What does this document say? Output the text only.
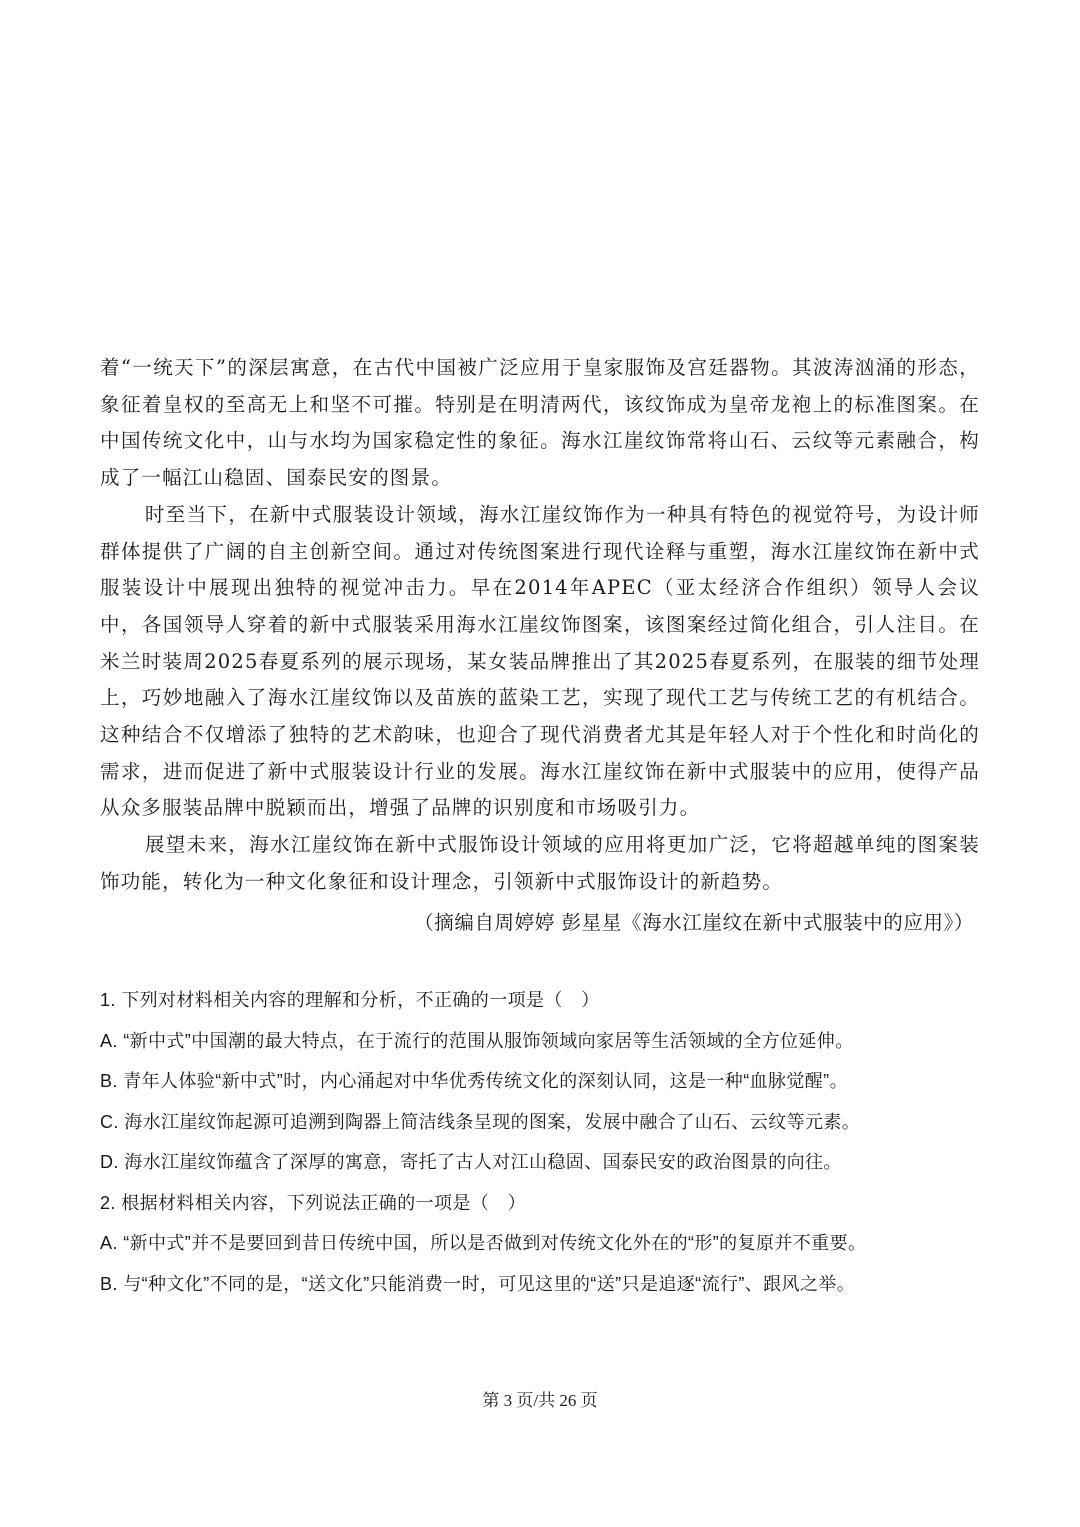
着“一统天下”的深层寓意，在古代中国被广泛应用于皇家服饰及宫廷器物。其波涛汹涌的形态，象征着皇权的至高无上和坚不可摧。特别是在明清两代，该纹饰成为皇帝龙袍上的标准图案。在中国传统文化中，山与水均为国家稳定性的象征。海水江崖纹饰常将山石、云纹等元素融合，构成了一幅江山稳固、国泰民安的图景。

时至当下，在新中式服装设计领域，海水江崖纹饰作为一种具有特色的视觉符号，为设计师群体提供了广阔的自主创新空间。通过对传统图案进行现代诠释与重塑，海水江崖纹饰在新中式服装设计中展现出独特的视觉冲击力。早在2014年APEC（亚太经济合作组织）领导人会议中，各国领导人穿着的新中式服装采用海水江崖纹饰图案，该图案经过简化组合，引人注目。在米兰时装周2025春夏系列的展示现场，某女装品牌推出了其2025春夏系列，在服装的细节处理上，巧妙地融入了海水江崖纹饰以及苗族的蓝染工艺，实现了现代工艺与传统工艺的有机结合。这种结合不仅增添了独特的艺术韵味，也迎合了现代消费者尤其是年轻人对于个性化和时尚化的需求，进而促进了新中式服装设计行业的发展。海水江崖纹饰在新中式服装中的应用，使得产品从众多服装品牌中脱颖而出，增强了品牌的识别度和市场吸引力。

展望未来，海水江崖纹饰在新中式服饰设计领域的应用将更加广泛，它将超越单纯的图案装饰功能，转化为一种文化象征和设计理念，引领新中式服饰设计的新趋势。

（摘编自周婷婷 彭星星《海水江崖纹在新中式服装中的应用》）

1. 下列对材料相关内容的理解和分析，不正确的一项是（　）

A. “新中式”中国潮的最大特点，在于流行的范围从服饰领域向家居等生活领域的全方位延伸。

B. 青年人体验“新中式”时，内心涌起对中华优秀传统文化的深刻认同，这是一种“血脉觉醒”。

C. 海水江崖纹饰起源可追溯到陶器上简洁线条呈现的图案，发展中融合了山石、云纹等元素。

D. 海水江崖纹饰蕴含了深厚的寓意，寄托了古人对江山稳固、国泰民安的政治图景的向往。

2. 根据材料相关内容，下列说法正确的一项是（　）

A. “新中式”并不是要回到昔日传统中国，所以是否做到对传统文化外在的“形”的复原并不重要。

B. 与“种文化”不同的是，“送文化”只能消费一时，可见这里的“送”只是追逐“流行”、跟风之举。

第 3 页/共 26 页
